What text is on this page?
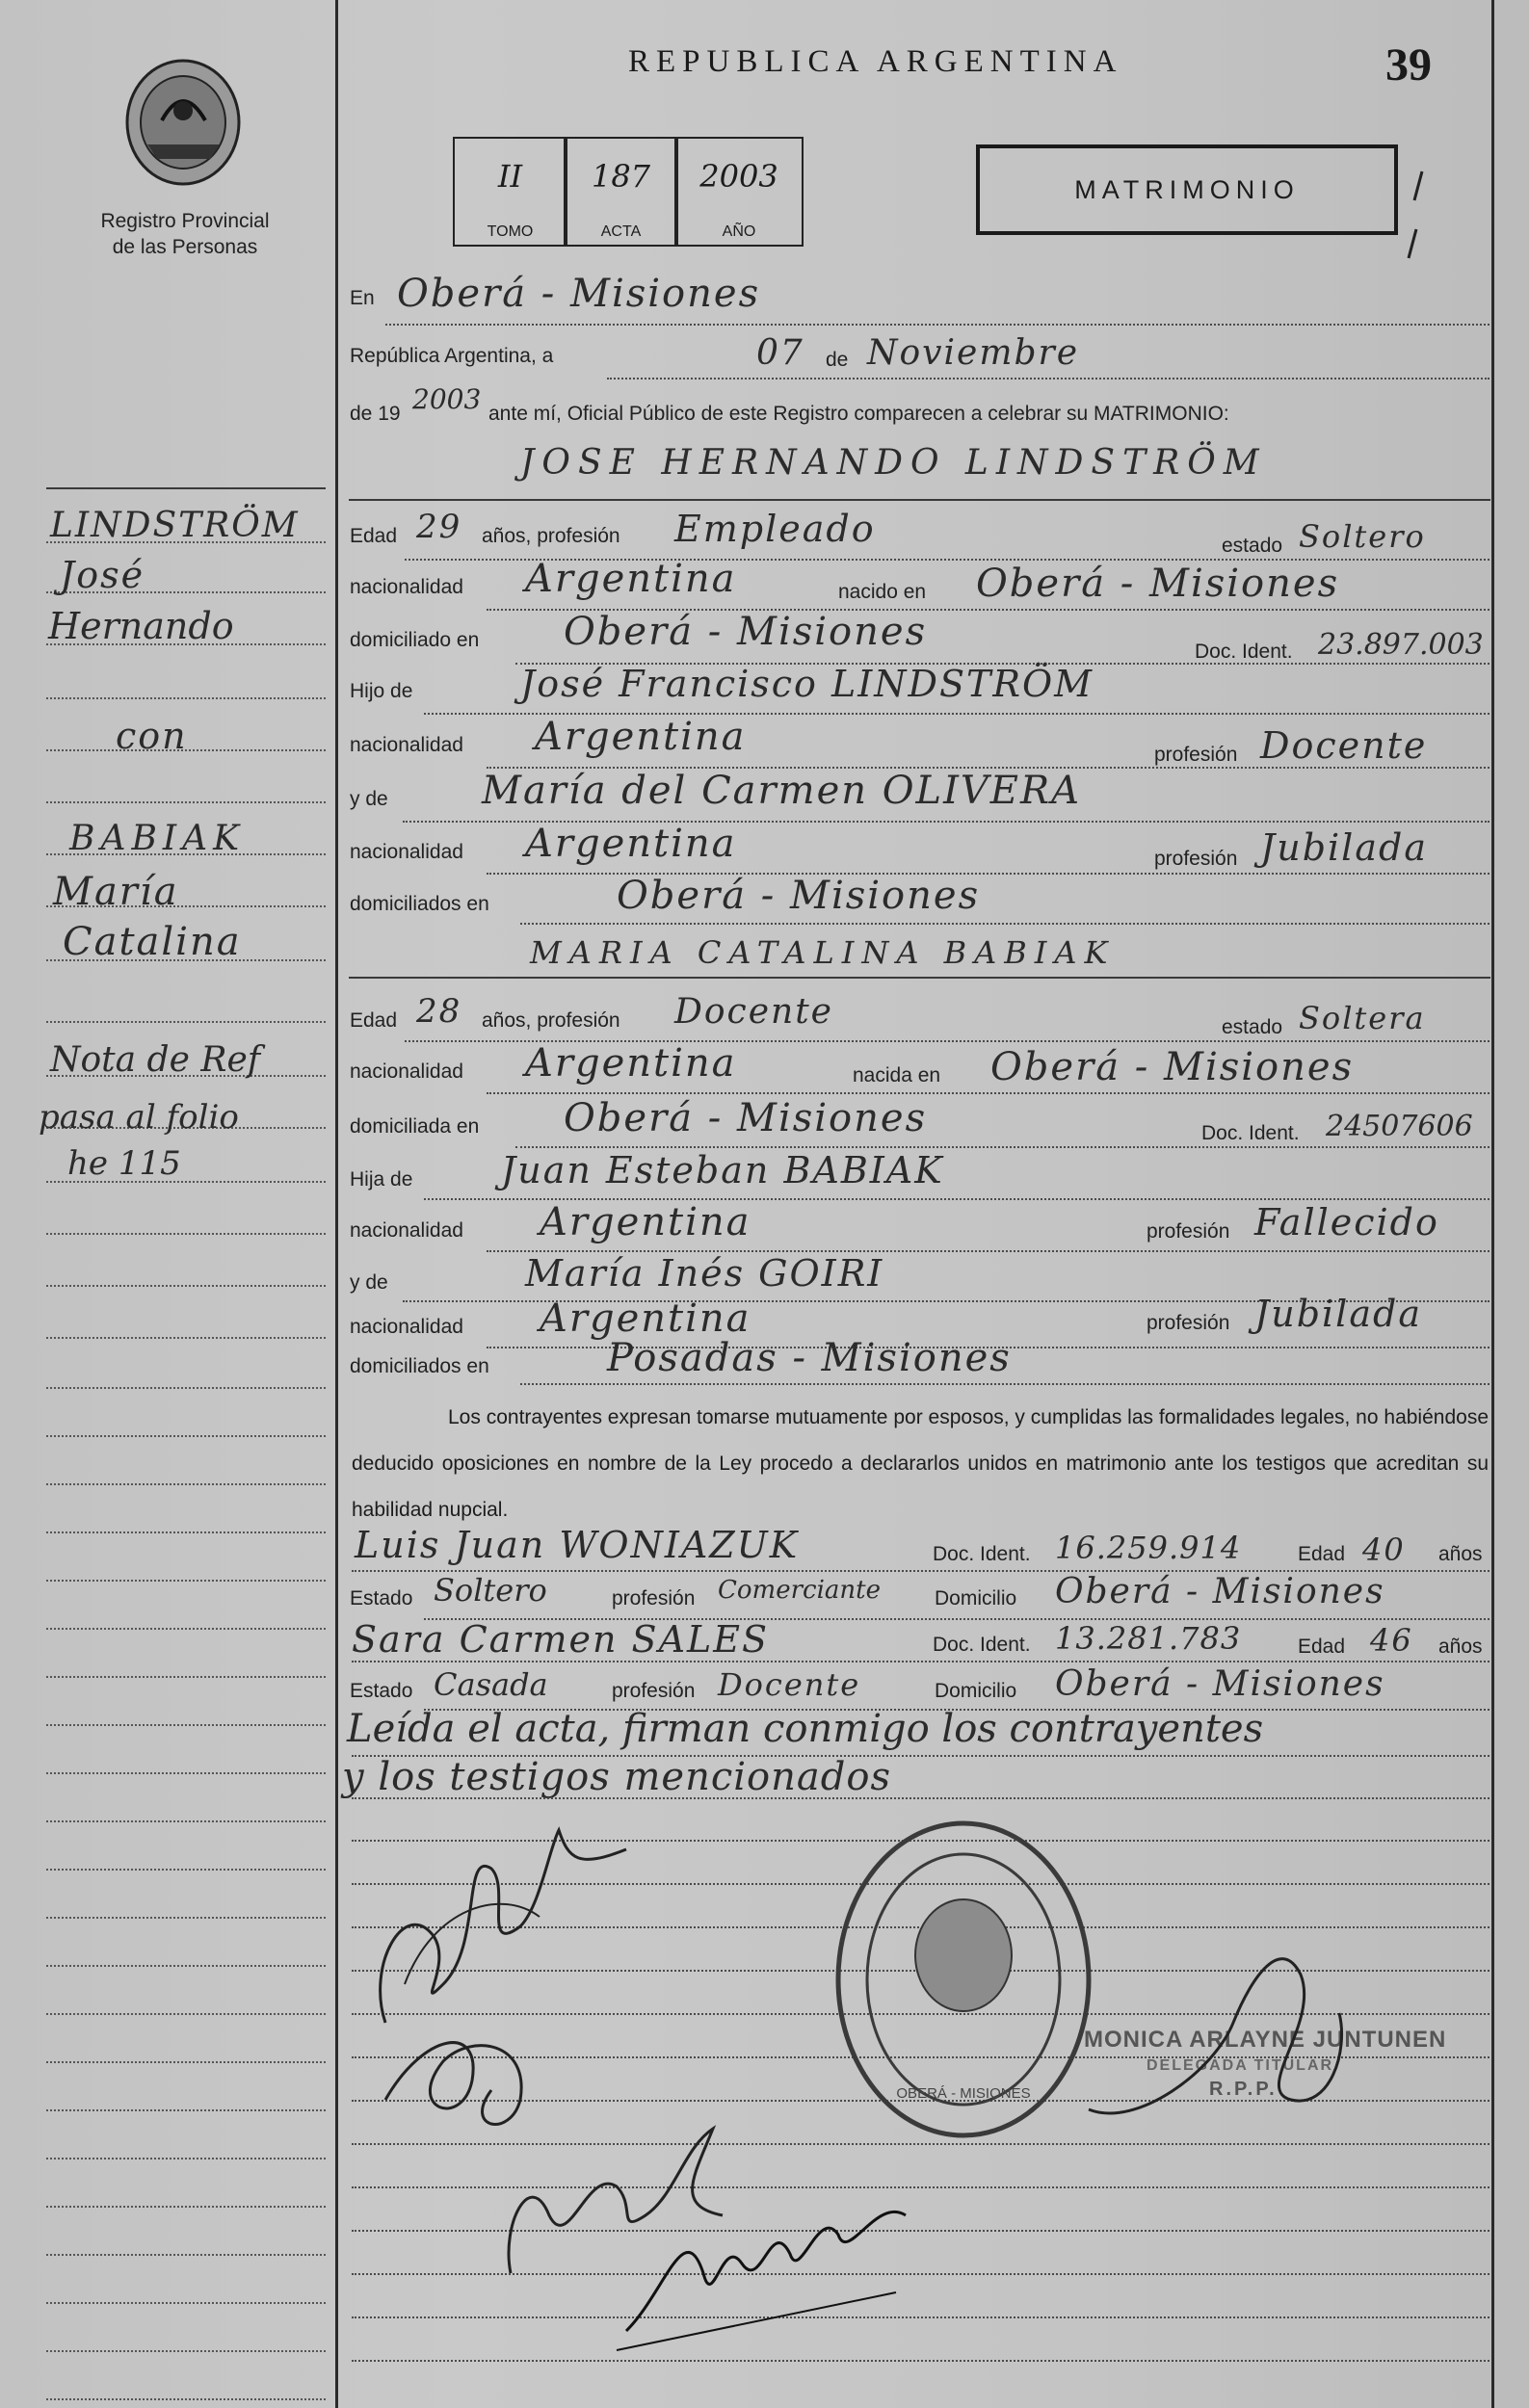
Registro Provincial
de las Personas
REPUBLICA ARGENTINA	39
II
TOMO
187
ACTA
2003
AÑO
MATRIMONIO
En Oberá - Misiones
República Argentina, a	07 de Noviembre
de 19 2003 ante mí, Oficial Público de este Registro comparecen a celebrar su MATRIMONIO:
JOSE HERNANDO LINDSTRÖM
Edad 29 años, profesión Empleado	estado Soltero
nacionalidad Argentina	nacido en Oberá - Misiones
domiciliado en Oberá - Misiones	Doc. Ident. 23.897.003
Hijo de	José Francisco LINDSTRÖM
nacionalidad Argentina	profesión Docente
y de María del Carmen OLIVERA
nacionalidad Argentina	profesión Jubilada
domiciliados en	Oberá - Misiones
MARIA CATALINA BABIAK
Edad 28 años, profesión Docente	estado Soltera
nacionalidad Argentina	nacida en Oberá - Misiones
domiciliada en Oberá - Misiones	Doc. Ident. 24507606
Hija de Juan Esteban BABIAK
nacionalidad Argentina	profesión Fallecido
y de	María Inés GOIRI
nacionalidad Argentina	profesión Jubilada
domiciliados en	Posadas - Misiones
Los contrayentes expresan tomarse mutuamente por esposos, y cumplidas las formalidades legales, no habiéndose deducido oposiciones en nombre de la Ley procedo a declararlos unidos en matrimonio ante los testigos que acreditan su habilidad nupcial.
Luis Juan WONIAZUK	Doc. Ident. 16.259.914	Edad 40 años
Estado Soltero	profesión Comerciante	Domicilio Oberá - Misiones
Sara Carmen SALES	Doc. Ident. 13.281.783	Edad 46 años
Estado Casada	profesión Docente	Domicilio Oberá - Misiones
Leída el acta, firman conmigo los contrayentes
y los testigos mencionados
LINDSTRÖM
José
Hernando
con
BABIAK
María
Catalina
Nota de Ref
pasa al folio
he 115
OBERÁ - MISIONES
MONICA ARLAYNE JUNTUNEN
DELEGADA TITULAR
R.P.P.
